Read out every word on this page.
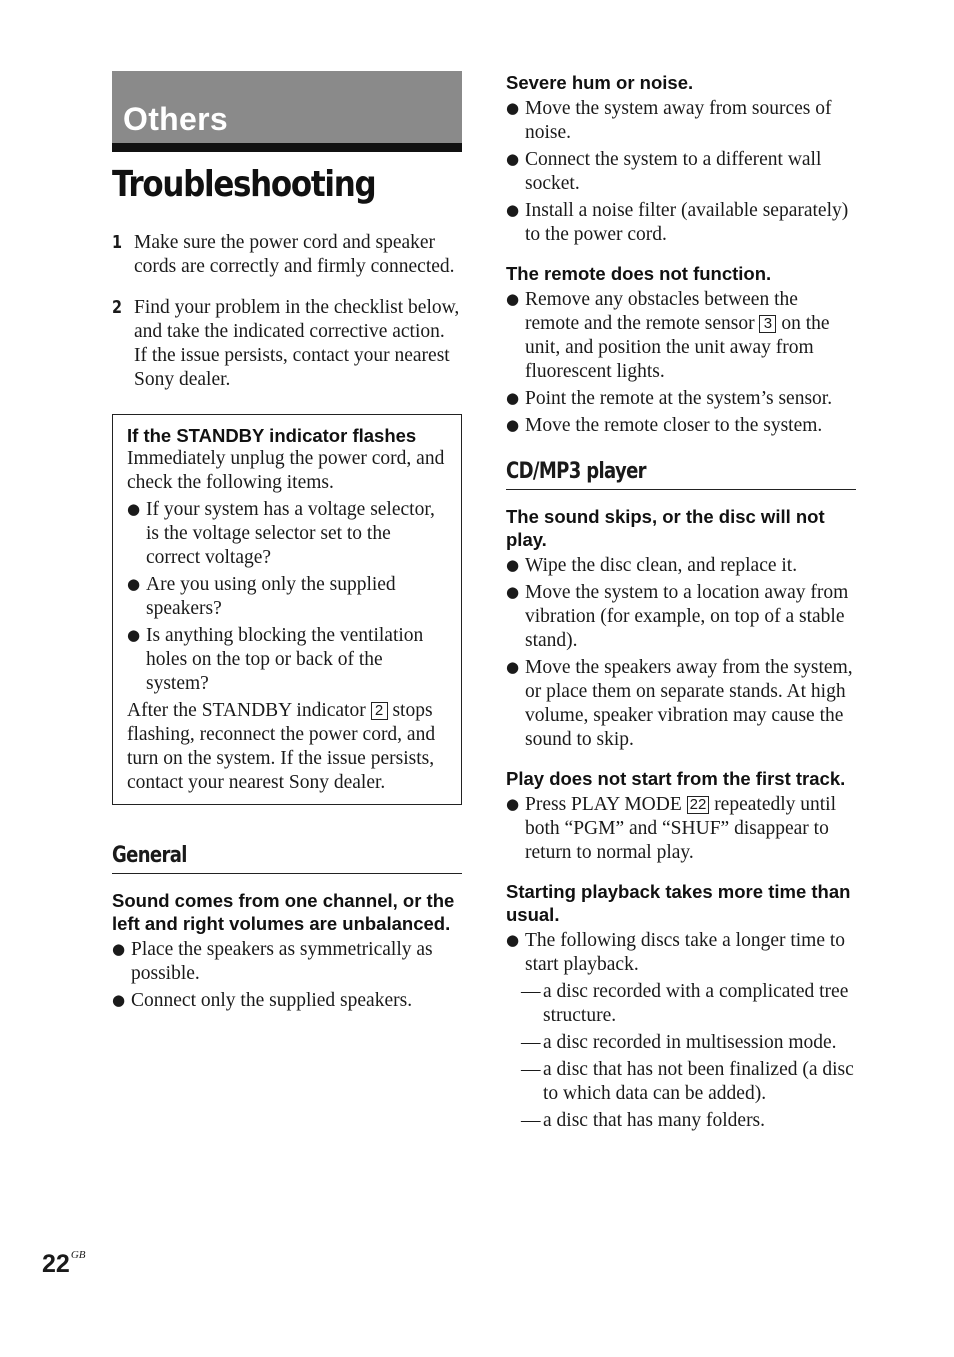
Others
Troubleshooting
1 Make sure the power cord and speaker cords are correctly and firmly connected.

2 Find your problem in the checklist below, and take the indicated corrective action.

If the issue persists, contact your nearest Sony dealer.

If the STANDBY indicator flashes

Immediately unplug the power cord, and check the following items.

● If your system has a voltage selector, is the voltage selector set to the correct voltage?
● Are you using only the supplied speakers?
● Is anything blocking the ventilation holes on the top or back of the system?

After the STANDBY indicator 2 stops flashing, reconnect the power cord, and turn on the system. If the issue persists, contact your nearest Sony dealer.

General

Sound comes from one channel, or the left and right volumes are unbalanced.

● Place the speakers as symmetrically as possible.
● Connect only the supplied speakers.

Severe hum or noise.

● Move the system away from sources of noise.
● Connect the system to a different wall socket.
● Install a noise filter (available separately) to the power cord.

The remote does not function.

● Remove any obstacles between the remote and the remote sensor 3 on the unit, and position the unit away from fluorescent lights.
● Point the remote at the system’s sensor.
● Move the remote closer to the system.
CD/MP3 player

The sound skips, or the disc will not play.

● Wipe the disc clean, and replace it.
● Move the system to a location away from vibration (for example, on top of a stable stand).
● Move the speakers away from the system, or place them on separate stands. At high volume, speaker vibration may cause the sound to skip.

Play does not start from the first track.

● Press PLAY MODE 22 repeatedly until both “PGM” and “SHUF” disappear to return to normal play.

Starting playback takes more time than usual.

● The following discs take a longer time to start playback.
— a disc recorded with a complicated tree structure.
— a disc recorded in multisession mode.
— a disc that has not been finalized (a disc to which data can be added).
— a disc that has many folders.
$22^{GB}$
